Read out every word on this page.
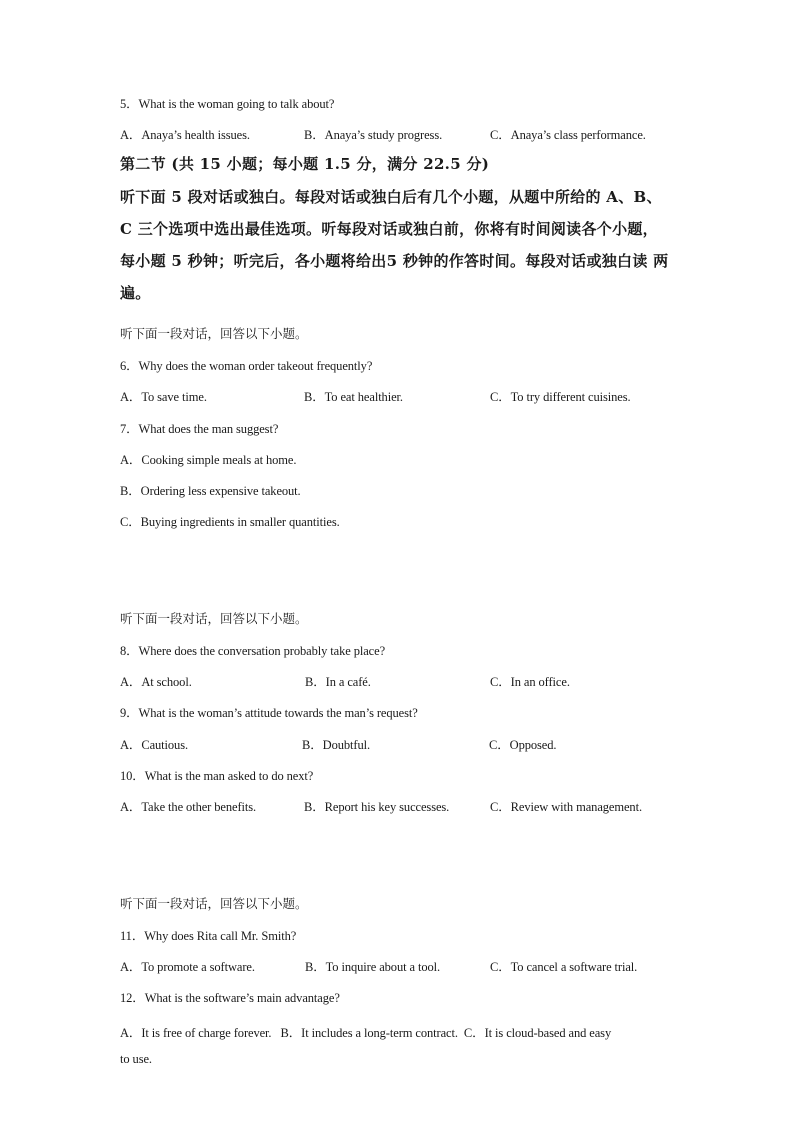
5．What is the woman going to talk about?
A．Anaya’s health issues.	B．Anaya’s study progress.	C．Anaya’s class performance.
第二节 (共 15 小题；每小题 1.5 分，满分 22.5 分)
听下面 5 段对话或独白。每段对话或独白后有几个小题，从题中所给的 A、B、
C 三个选项中选出最佳选项。听每段对话或独白前，你将有时间阅读各个小题，
每小题 5 秒钟；听完后，各小题将给出5 秒钟的作答时间。每段对话或独白读 两
遍。
听下面一段对话，回答以下小题。
6．Why does the woman order takeout frequently?
A．To save time.	B．To eat healthier.	C．To try different cuisines.
7．What does the man suggest?
A．Cooking simple meals at home.
B．Ordering less expensive takeout.
C．Buying ingredients in smaller quantities.
听下面一段对话，回答以下小题。
8．Where does the conversation probably take place?
A．At school.	B．In a café.	C．In an office.
9．What is the woman’s attitude towards the man’s request?
A．Cautious.	B．Doubtful.	C．Opposed.
10．What is the man asked to do next?
A．Take the other benefits.	B．Report his key successes.	C．Review with management.
听下面一段对话，回答以下小题。
11．Why does Rita call Mr. Smith?
A．To promote a software.	B．To inquire about a tool.	C．To cancel a software trial.
12．What is the software’s main advantage?
A．It is free of charge forever.   B．It includes a long-term contract.  C．It is cloud-based and easy
to use.
